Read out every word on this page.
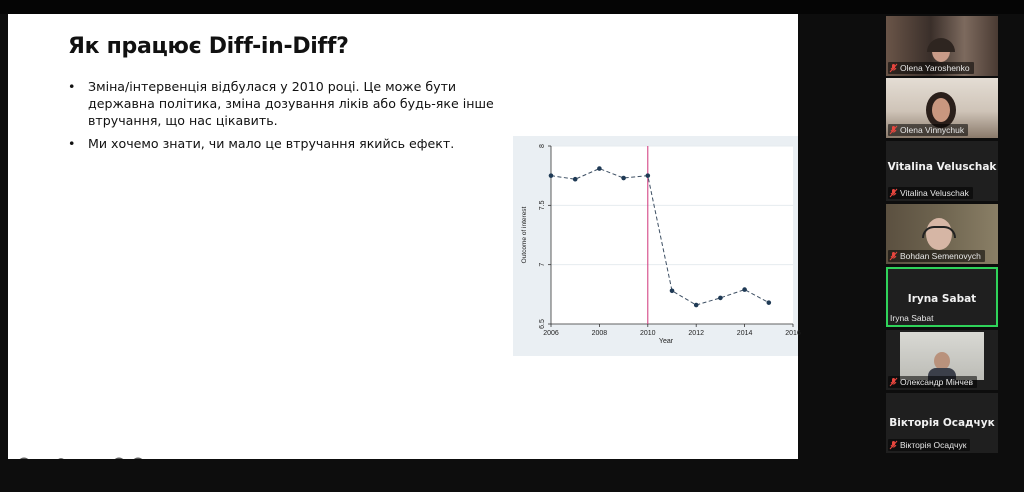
Як працює Diff-in-Diff?
• Зміна/інтервенція відбулася у 2010 році. Це може бути державна політика, зміна дозування ліків або будь-яке інше втручання, що нас цікавить.
• Ми хочемо знати, чи мало це втручання якийсь ефект.
6.5
7
7.5
8
2006	2008	2010	2012	2014	2016
Year
Outcome of interest
Olena Yaroshenko
Olena Vinnychuk
Vitalina Veluschak
Vitalina Veluschak
Bohdan Semenovych
Iryna Sabat
Iryna Sabat
Олександр Мінчев
Вікторія Осадчук
Вікторія Осадчук
